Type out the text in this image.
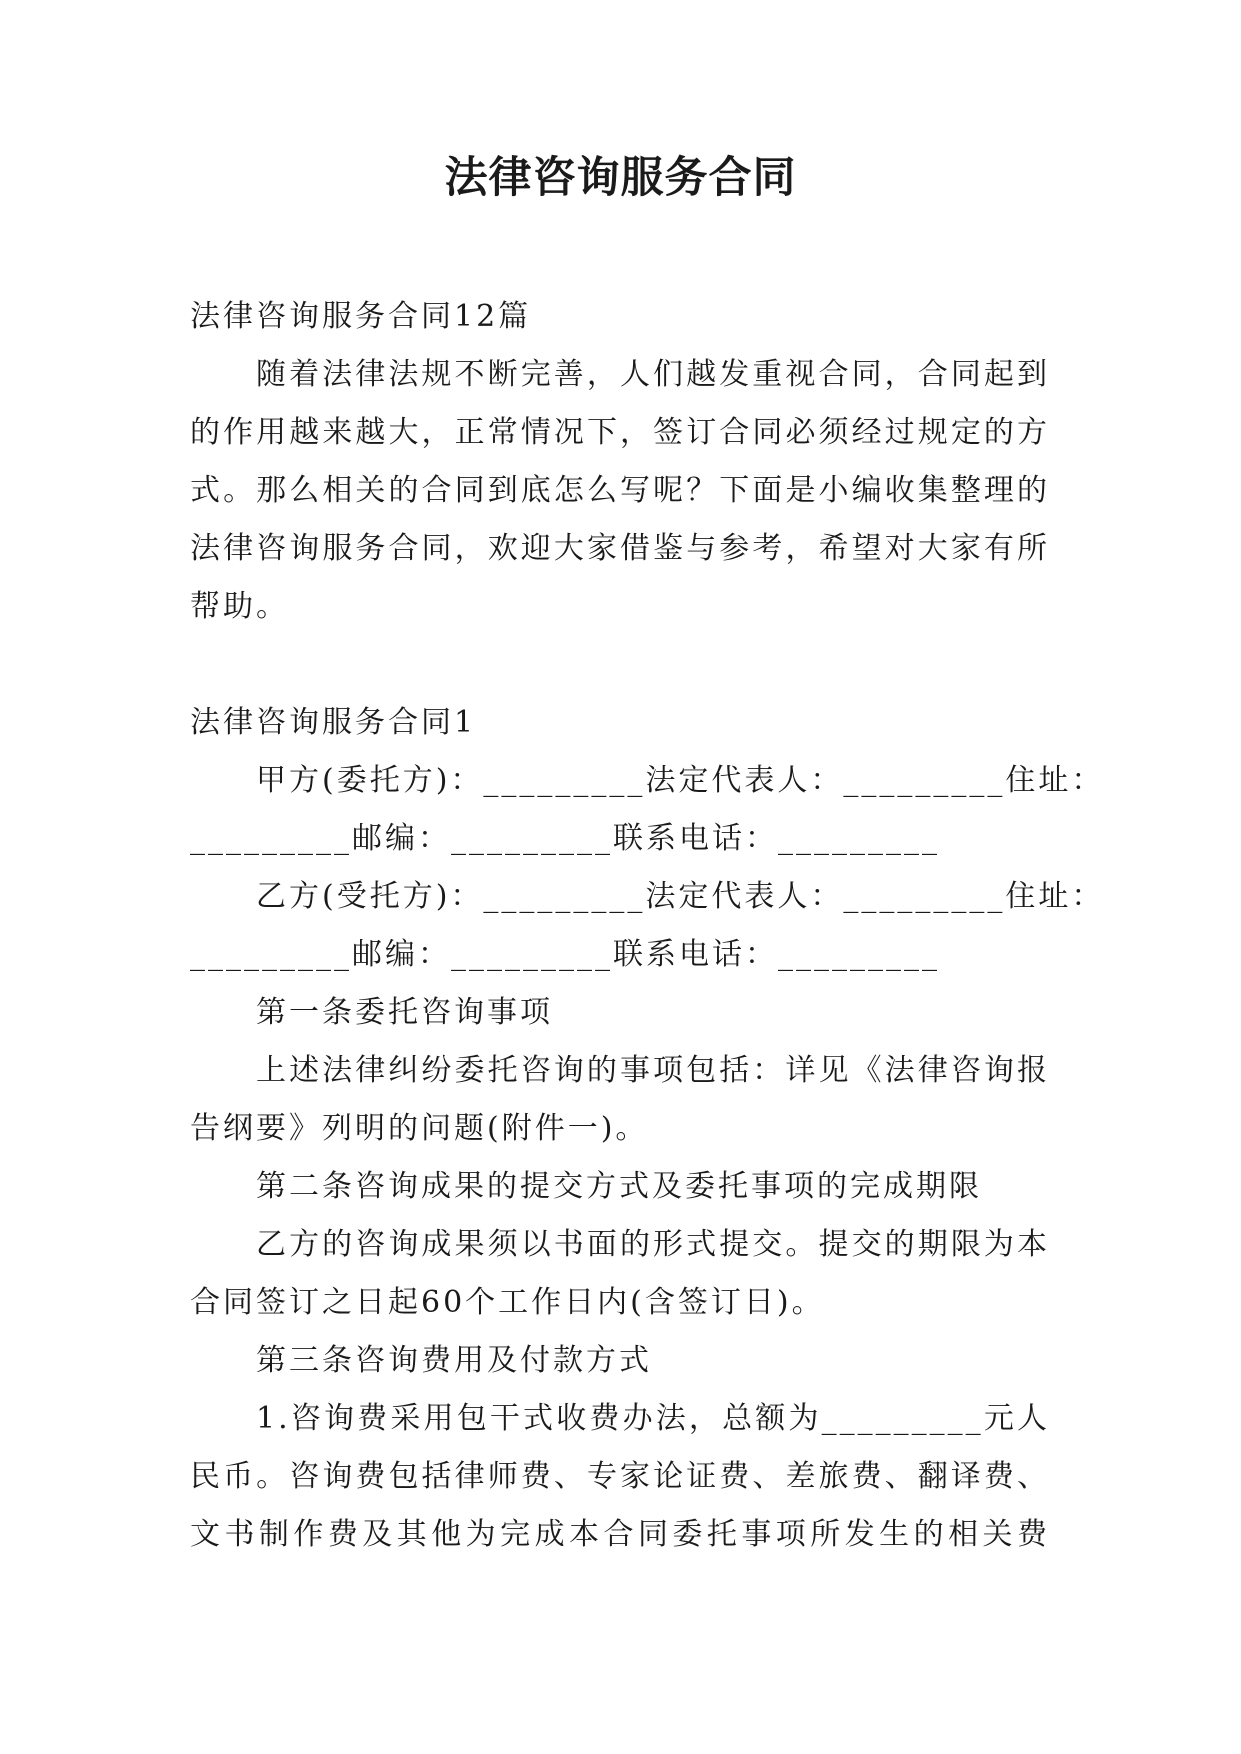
法律咨询服务合同
法律咨询服务合同12篇
随着法律法规不断完善，人们越发重视合同，合同起到
的作用越来越大，正常情况下，签订合同必须经过规定的方
式。那么相关的合同到底怎么写呢？下面是小编收集整理的
法律咨询服务合同，欢迎大家借鉴与参考，希望对大家有所
帮助。
法律咨询服务合同1
甲方(委托方)：_________法定代表人：_________住址：
_________邮编：_________联系电话：_________
乙方(受托方)：_________法定代表人：_________住址：
_________邮编：_________联系电话：_________
第一条委托咨询事项
上述法律纠纷委托咨询的事项包括：详见《法律咨询报
告纲要》列明的问题(附件一)。
第二条咨询成果的提交方式及委托事项的完成期限
乙方的咨询成果须以书面的形式提交。提交的期限为本
合同签订之日起60个工作日内(含签订日)。
第三条咨询费用及付款方式
1.咨询费采用包干式收费办法，总额为_________元人
民币。咨询费包括律师费、专家论证费、差旅费、翻译费、
文书制作费及其他为完成本合同委托事项所发生的相关费
